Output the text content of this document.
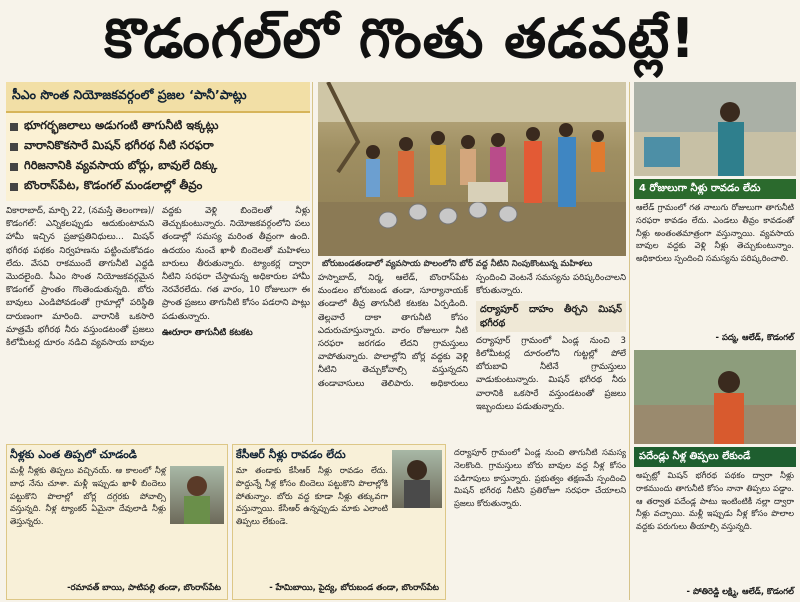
కొడంగల్‌లో గొంతు తడవట్లే!
సీఎం సొంత నియోజకవర్గంలో ప్రజల ‘పానీ’పాట్లు
భూగర్భజలాలు అడుగంటి తాగునీటి ఇక్కట్లు
వారానికొకసారే మిషన్‌ భగీరథ నీటి సరఫరా
గిరిజనానికి వ్యవసాయ బోర్లు, బావులే దిక్కు
బొంరాస్‌పేట, కొడంగల్‌ మండలాల్లో తీవ్రం
వికారాబాద్, మార్చి 22, (నమస్తే తెలంగాణ)/కొడంగల్‌: ఎన్నికలప్పుడు ఆదుకుంటామని హామీ ఇచ్చిన ప్రజాప్రతినిధులు... మిషన్‌ భగీరథ పథకం నిర్వహణను పట్టించుకోవడం లేదు. వేసవి రాకముందే తాగునీటి ఎద్దడి మొదలైంది. సీఎం సొంత నియోజకవర్గమైన కొడంగల్‌ ప్రాంతం గొంతెండుతున్నది. బోరు బావులు ఎండిపోవడంతో గ్రామాల్లో పరిస్థితి దారుణంగా మారింది. వారానికి ఒకసారి మాత్రమే భగీరథ నీరు వస్తుండటంతో ప్రజలు కిలోమీటర్ల దూరం నడిచి వ్యవసాయ బావుల వద్దకు వెళ్లి బిందెలతో నీళ్లు తెచ్చుకుంటున్నారు. నియోజకవర్గంలోని పలు తండాల్లో సమస్య మరింత తీవ్రంగా ఉంది. ఉదయం నుంచే ఖాళీ బిందెలతో మహిళలు బారులు తీరుతున్నారు. ట్యాంకర్ల ద్వారా నీటిని సరఫరా చేస్తామన్న అధికారుల హామీ నెరవేరలేదు. గత వారం, 10 రోజులుగా ఈ ప్రాంత ప్రజలు తాగునీటి కోసం పడరాని పాట్లు పడుతున్నారు.
ఊరూరా తాగునీటి కటకట
బోరుబండతండాలో వ్యవసాయ పొలంలోని బోర్‌ వద్ద నీటిని నింపుకొంటున్న మహిళలు
హస్నాబాద్, నిర్మ, ఆలేడ్, బొంరాస్‌పేట మండలం బోరుబండ తండా, సూర్యానాయక్‌ తండాలో తీవ్ర తాగునీటి కటకట ఏర్పడింది. తెల్లవారే దాకా తాగునీటి కోసం ఎదురుచూస్తున్నారు. వారం రోజులుగా నీటి సరఫరా జరగడం లేదని గ్రామస్తులు వాపోతున్నారు. పొలాల్లోని బోర్ల వద్దకు వెళ్లి నీటిని తెచ్చుకోవాల్సి వస్తున్నదని తండావాసులు తెలిపారు. అధికారులు స్పందించి వెంటనే సమస్యను పరిష్కరించాలని కోరుతున్నారు.
దర్యాపూర్‌ దాహం తీర్చని మిషన్‌ భగీరథ
దర్యాపూర్‌ గ్రామంలో ఏండ్ల నుంచి 3 కిలోమీటర్ల దూరంలోని గుట్టల్లో పోలే బోరుబావి నీటినే గ్రామస్తులు వాడుకుంటున్నారు. మిషన్‌ భగీరథ నీరు వారానికి ఒకసారే వస్తుండటంతో ప్రజలు ఇబ్బందులు పడుతున్నారు.
4 రోజులుగా నీళ్లు రావడం లేదు
ఆలేడ్‌ గ్రామంలో గత నాలుగు రోజులుగా తాగునీటి సరఫరా కావడం లేదు. ఎండలు తీవ్రం కావడంతో నీళ్లు అంతంతమాత్రంగా వస్తున్నాయి. వ్యవసాయ బావుల వద్దకు వెళ్లి నీళ్లు తెచ్చుకుంటున్నాం. అధికారులు స్పందించి సమస్యను పరిష్కరించాలి.
- పద్మ, ఆలేడ్, కొడంగల్‌
పదేండ్లు నీళ్ల తిప్పలు లేకుండే
అప్పట్లో మిషన్‌ భగీరథ పథకం ద్వారా నీళ్లు రాకముందు తాగునీటి కోసం నానా తిప్పలు పడ్డాం. ఆ తర్వాత పదేండ్ల పాటు ఇంటింటికీ నల్లా ద్వారా నీళ్లు వచ్చాయి. మళ్లీ ఇప్పుడు నీళ్ల కోసం పొలాల వద్దకు పరుగులు తీయాల్సి వస్తున్నది.
- పోతిరెడ్డి లక్ష్మి, ఆలేడ్, కొడంగల్‌
నీళ్లకు ఎంత తిప్పలో చూడండి
మళ్లీ నీళ్లకు తిప్పలు వచ్చినయ్‌. ఆ కాలంలో నీళ్ల బాధ నేను చూశా. మళ్లీ ఇప్పుడు ఖాళీ బిందెలు పట్టుకొని పొలాల్లో బోర్ల దగ్గరకు పోవాల్సి వస్తున్నది. నీళ్ల ట్యాంకర్‌ ఏమైనా దేవులాడి నీళ్లు తెస్తున్నరు.
-రమావత్‌ బాయి, పాటిపల్లి తండా, బొంరాస్‌పేట
కేసీఆర్‌ నీళ్లు రావడం లేదు
మా తండాకు కేసీఆర్‌ నీళ్లు రావడం లేదు. పొద్దున్నే నీళ్ల కోసం బిందెలు పట్టుకొని పొలాల్లోకి పోతున్నాం. బోరు వద్ద కూడా నీళ్లు తక్కువగా వస్తున్నాయి. కేసీఆర్‌ ఉన్నప్పుడు మాకు ఎలాంటి తిప్పలు లేకుండె.
- హేమిబాయి, పైద్య, బోరుబండ తండా, బొంరాస్‌పేట
దర్యాపూర్‌ గ్రామంలో ఏండ్ల నుంచి తాగునీటి సమస్య నెలకొంది. గ్రామస్తులు బోరు బావుల వద్ద నీళ్ల కోసం పడిగాపులు కాస్తున్నారు. ప్రభుత్వం తక్షణమే స్పందించి మిషన్‌ భగీరథ నీటిని ప్రతిరోజూ సరఫరా చేయాలని ప్రజలు కోరుతున్నారు.
